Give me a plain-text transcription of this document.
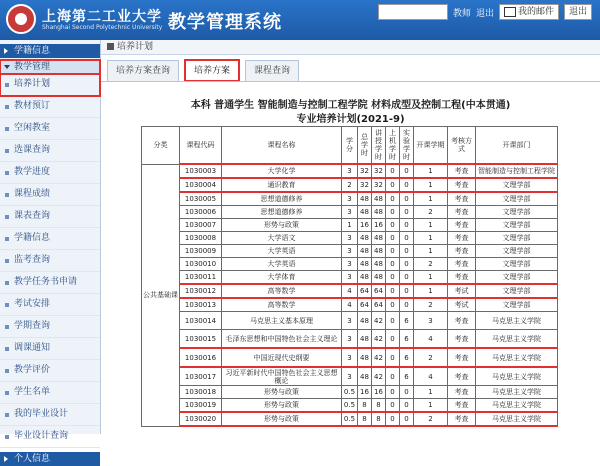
上海第二工业大学
Shanghai Second Polytechnic University 教学管理系统	教师 退出	我的邮件	退出
学籍信息
教学管理
培养计划
教材预订
空闲教室
选课查询
教学进度
课程成绩
课表查询
学籍信息
监考查询
教学任务书申请
考试安排
学期查询
调课通知
教学评价
学生名单
我的毕业设计
毕业设计查询
个人信息
培养计划
培养方案查询	培养方案	课程查询
本科 普通学生 智能制造与控制工程学院 材料成型及控制工程(中本贯通)
专业培养计划(2021-9)
分类	课程代码	课程名称	学分	总学时	讲授学时	上机学时	实验学时	开课学期	考核方式	开课部门
公共基础课	1030003	大学化学	3	32	32	0	0	1	考查	智能制造与控制工程学院
	1030004	通识教育	2	32	32	0	0	1	考查	文理学部
	1030005	思想道德修养	3	48	48	0	0	1	考查	文理学部
	1030006	思想道德修养	3	48	48	0	0	2	考查	文理学部
	1030007	形势与政策	1	16	16	0	0	1	考查	文理学部
	1030008	大学语文	3	48	48	0	0	1	考查	文理学部
	1030009	大学英语	3	48	48	0	0	1	考查	文理学部
	1030010	大学英语	3	48	48	0	0	2	考查	文理学部
	1030011	大学体育	3	48	48	0	0	1	考查	文理学部
	1030012	高等数学	4	64	64	0	0	1	考试	文理学部
	1030013	高等数学	4	64	64	0	0	2	考试	文理学部
	1030014	马克思主义基本原理	3	48	42	0	6	3	考查	马克思主义学院
	1030015	毛泽东思想和中国特色社会主义理论	3	48	42	0	6	4	考查	马克思主义学院
	1030016	中国近现代史纲要	3	48	42	0	6	2	考查	马克思主义学院
	1030017	习近平新时代中国特色社会主义思想概论	3	48	42	0	6	4	考查	马克思主义学院
	1030018	形势与政策	0.5	16	16	0	0	1	考查	马克思主义学院
	1030019	形势与政策	0.5	8	8	0	0	1	考查	马克思主义学院
	1030020	形势与政策	0.5	8	8	0	0	2	考查	马克思主义学院
